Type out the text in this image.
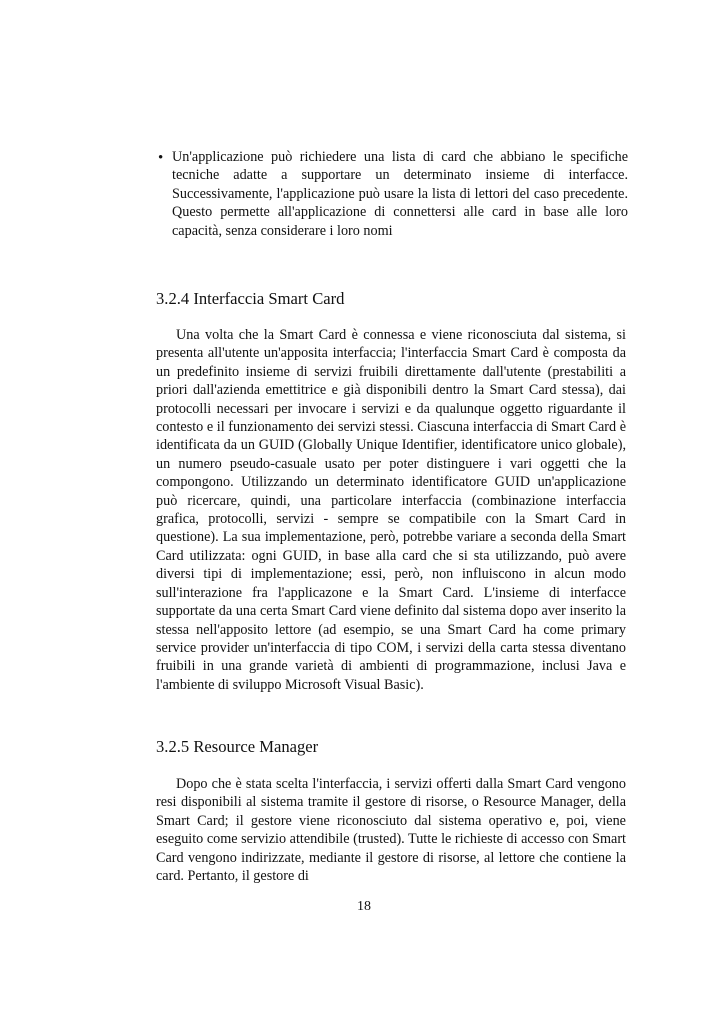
• Un'applicazione può richiedere una lista di card che abbiano le specifiche tecniche adatte a supportare un determinato insieme di interfacce. Successivamente, l'applicazione può usare la lista di lettori del caso precedente. Questo permette all'applicazione di connettersi alle card in base alle loro capacità, senza considerare i loro nomi

3.2.4 Interfaccia Smart Card

Una volta che la Smart Card è connessa e viene riconosciuta dal sistema, si presenta all'utente un'apposita interfaccia; l'interfaccia Smart Card è composta da un predefinito insieme di servizi fruibili direttamente dall'utente (prestabiliti a priori dall'azienda emettitrice e già disponibili dentro la Smart Card stessa), dai protocolli necessari per invocare i servizi e da qualunque oggetto riguardante il contesto e il funzionamento dei servizi stessi. Ciascuna interfaccia di Smart Card è identificata da un GUID (Globally Unique Identifier, identificatore unico globale), un numero pseudo-casuale usato per poter distinguere i vari oggetti che la compongono. Utilizzando un determinato identificatore GUID un'applicazione può ricercare, quindi, una particolare interfaccia (combinazione interfaccia grafica, protocolli, servizi - sempre se compatibile con la Smart Card in questione). La sua implementazione, però, potrebbe variare a seconda della Smart Card utilizzata: ogni GUID, in base alla card che si sta utilizzando, può avere diversi tipi di implementazione; essi, però, non influiscono in alcun modo sull'interazione fra l'applicazone e la Smart Card. L'insieme di interfacce supportate da una certa Smart Card viene definito dal sistema dopo aver inserito la stessa nell'apposito lettore (ad esempio, se una Smart Card ha come primary service provider un'interfaccia di tipo COM, i servizi della carta stessa diventano fruibili in una grande varietà di ambienti di programmazione, inclusi Java e l'ambiente di sviluppo Microsoft Visual Basic).

3.2.5 Resource Manager

Dopo che è stata scelta l'interfaccia, i servizi offerti dalla Smart Card vengono resi disponibili al sistema tramite il gestore di risorse, o Resource Manager, della Smart Card; il gestore viene riconosciuto dal sistema operativo e, poi, viene eseguito come servizio attendibile (trusted). Tutte le richieste di accesso con Smart Card vengono indirizzate, mediante il gestore di risorse, al lettore che contiene la card. Pertanto, il gestore di

18
